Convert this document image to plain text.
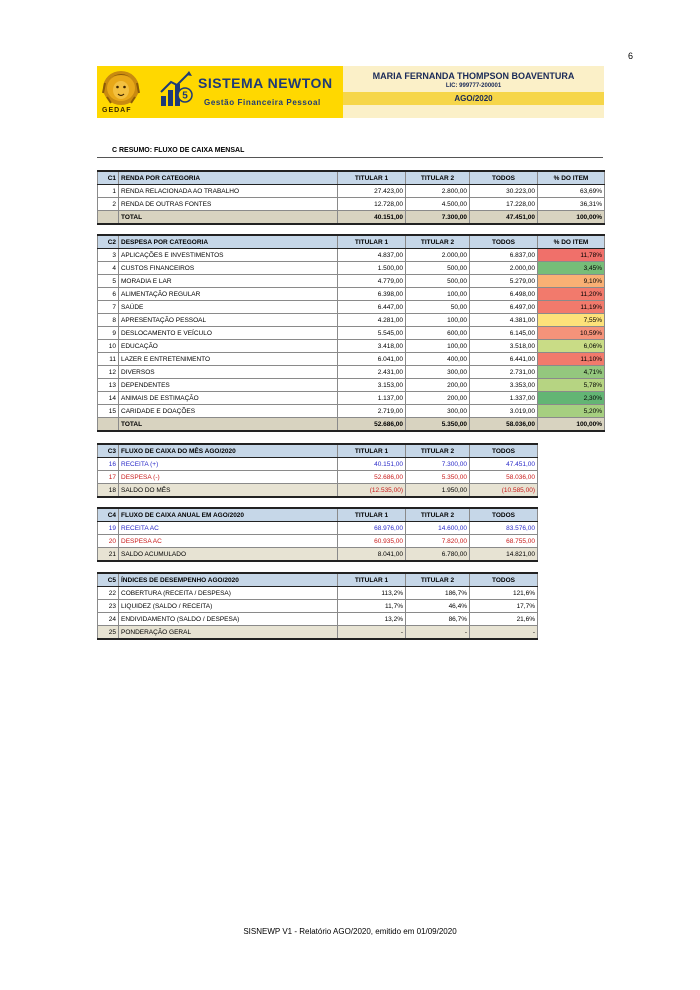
6
GEDAF
5
SISTEMA NEWTON
Gestão Financeira Pessoal
MARIA FERNANDA THOMPSON BOAVENTURA
LIC: 999777-200001
AGO/2020
C RESUMO: FLUXO DE CAIXA MENSAL
C1	RENDA POR CATEGORIA	TITULAR 1	TITULAR 2	TODOS	% DO ITEM
1	RENDA RELACIONADA AO TRABALHO	27.423,00	2.800,00	30.223,00	63,69%
2	RENDA DE OUTRAS FONTES	12.728,00	4.500,00	17.228,00	36,31%
	TOTAL	40.151,00	7.300,00	47.451,00	100,00%
C2	DESPESA POR CATEGORIA	TITULAR 1	TITULAR 2	TODOS	% DO ITEM
3	APLICAÇÕES E INVESTIMENTOS	4.837,00	2.000,00	6.837,00	11,78%
4	CUSTOS FINANCEIROS	1.500,00	500,00	2.000,00	3,45%
5	MORADIA E LAR	4.779,00	500,00	5.279,00	9,10%
6	ALIMENTAÇÃO REGULAR	6.398,00	100,00	6.498,00	11,20%
7	SAÚDE	6.447,00	50,00	6.497,00	11,19%
8	APRESENTAÇÃO PESSOAL	4.281,00	100,00	4.381,00	7,55%
9	DESLOCAMENTO E VEÍCULO	5.545,00	600,00	6.145,00	10,59%
10	EDUCAÇÃO	3.418,00	100,00	3.518,00	6,06%
11	LAZER E ENTRETENIMENTO	6.041,00	400,00	6.441,00	11,10%
12	DIVERSOS	2.431,00	300,00	2.731,00	4,71%
13	DEPENDENTES	3.153,00	200,00	3.353,00	5,78%
14	ANIMAIS DE ESTIMAÇÃO	1.137,00	200,00	1.337,00	2,30%
15	CARIDADE E DOAÇÕES	2.719,00	300,00	3.019,00	5,20%
	TOTAL	52.686,00	5.350,00	58.036,00	100,00%
C3	FLUXO DE CAIXA DO MÊS AGO/2020	TITULAR 1	TITULAR 2	TODOS
16	RECEITA (+)	40.151,00	7.300,00	47.451,00
17	DESPESA (-)	52.686,00	5.350,00	58.036,00
18	SALDO DO MÊS	(12.535,00)	1.950,00	(10.585,00)
C4	FLUXO DE CAIXA ANUAL EM AGO/2020	TITULAR 1	TITULAR 2	TODOS
19	RECEITA AC	68.976,00	14.600,00	83.576,00
20	DESPESA AC	60.935,00	7.820,00	68.755,00
21	SALDO ACUMULADO	8.041,00	6.780,00	14.821,00
C5	ÍNDICES DE DESEMPENHO AGO/2020	TITULAR 1	TITULAR 2	TODOS
22	COBERTURA (RECEITA / DESPESA)	113,2%	186,7%	121,6%
23	LIQUIDEZ (SALDO / RECEITA)	11,7%	46,4%	17,7%
24	ENDIVIDAMENTO (SALDO / DESPESA)	13,2%	86,7%	21,6%
25	PONDERAÇÃO GERAL	-	-	-
SISNEWP V1 - Relatório AGO/2020, emitido em 01/09/2020
